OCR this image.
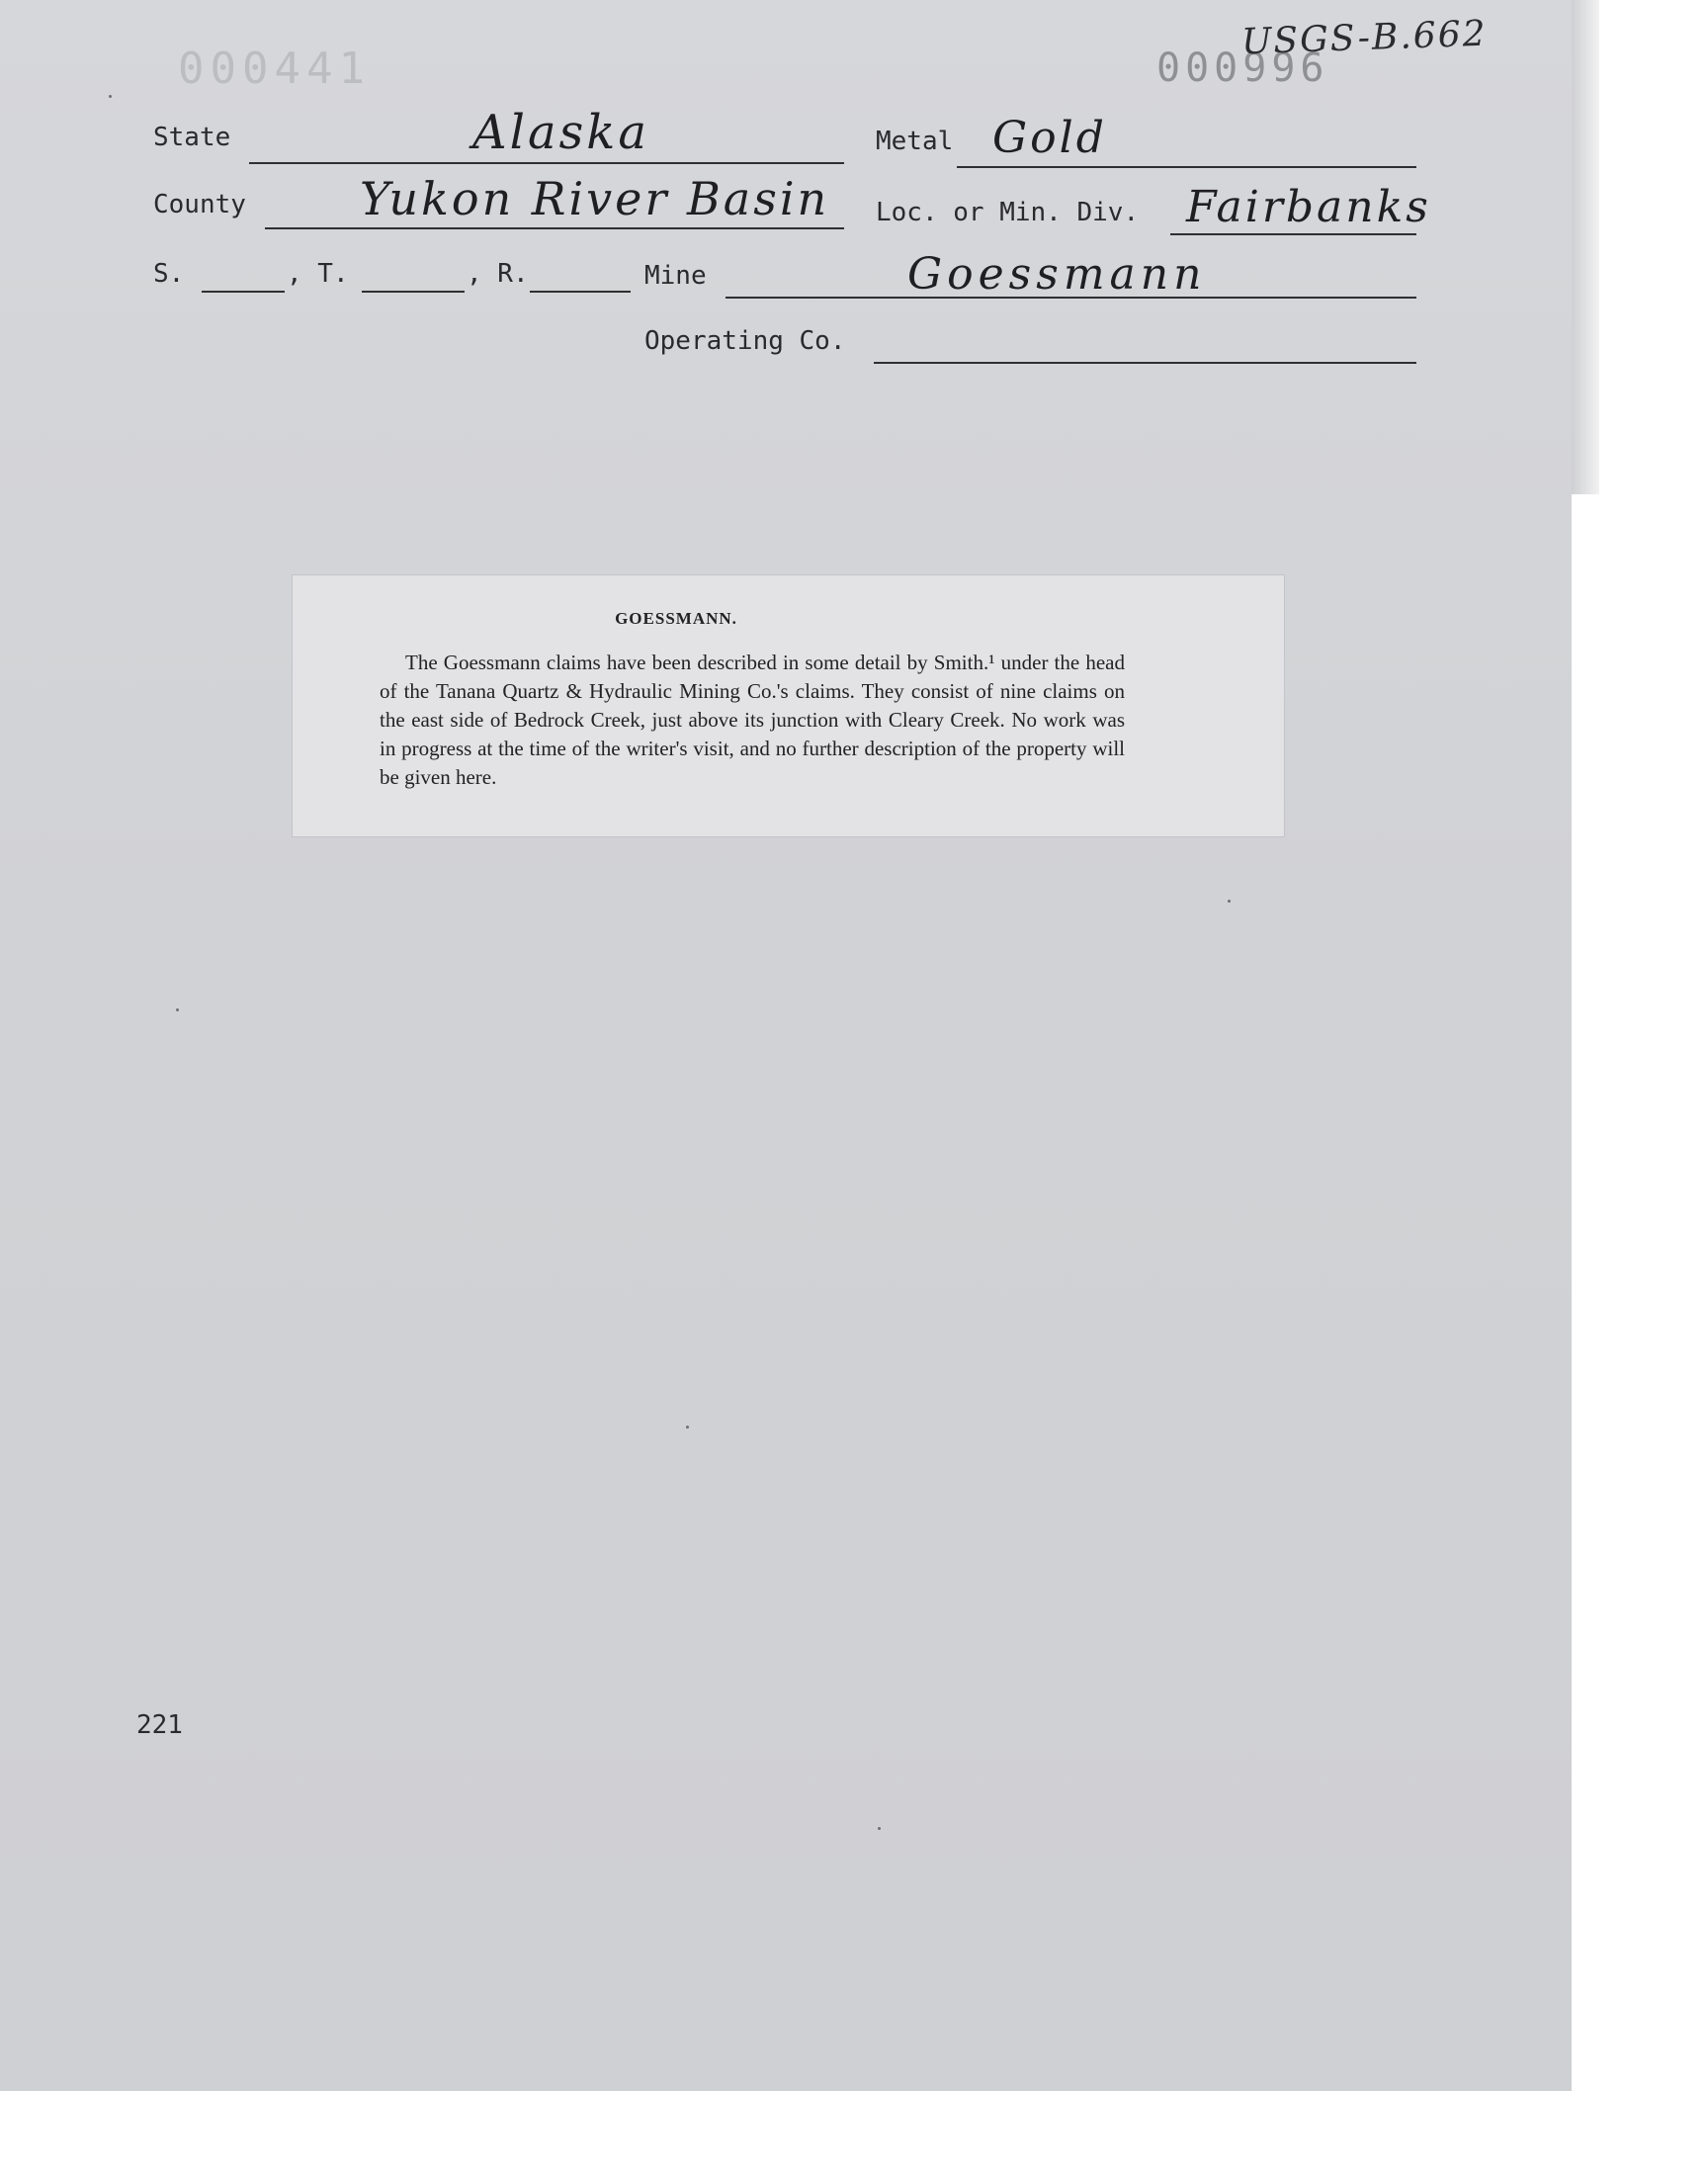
000441	000996
USGS-B.662
State	Alaska	Metal Gold
County	Yukon River Basin Loc. or Min. Div. Fairbanks
S.	, T.	, R.	Mine	Goessmann
Operating Co.
GOESSMANN.
The Goessmann claims have been described in some detail by Smith.¹ under the head of the Tanana Quartz & Hydraulic Mining Co.'s claims. They consist of nine claims on the east side of Bedrock Creek, just above its junction with Cleary Creek. No work was in progress at the time of the writer's visit, and no further description of the property will be given here.
221
